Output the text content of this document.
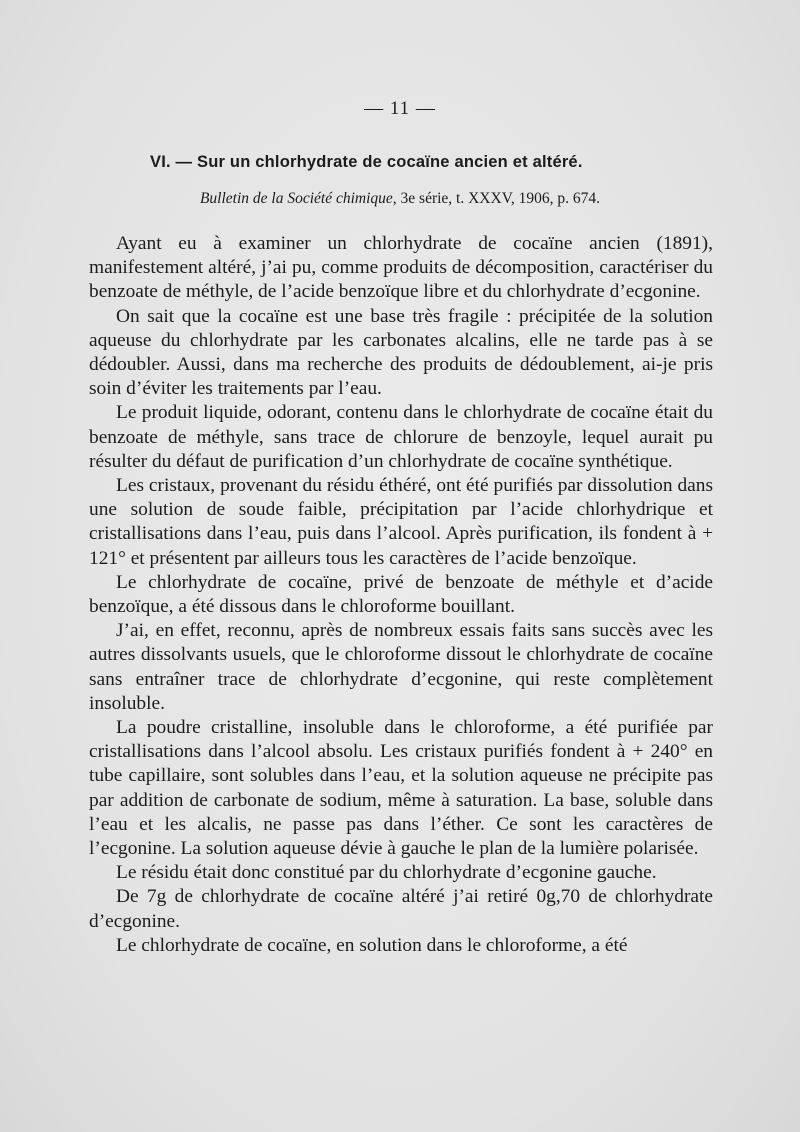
— 11 —
VI. — Sur un chlorhydrate de cocaïne ancien et altéré.
Bulletin de la Société chimique, 3e série, t. XXXV, 1906, p. 674.

Ayant eu à examiner un chlorhydrate de cocaïne ancien (1891), manifestement altéré, j’ai pu, comme produits de décomposition, caractériser du benzoate de méthyle, de l’acide benzoïque libre et du chlorhydrate d’ecgonine.

On sait que la cocaïne est une base très fragile : précipitée de la solution aqueuse du chlorhydrate par les carbonates alcalins, elle ne tarde pas à se dédoubler. Aussi, dans ma recherche des produits de dédoublement, ai-je pris soin d’éviter les traitements par l’eau.

Le produit liquide, odorant, contenu dans le chlorhydrate de cocaïne était du benzoate de méthyle, sans trace de chlorure de benzoyle, lequel aurait pu résulter du défaut de purification d’un chlorhydrate de cocaïne synthétique.

Les cristaux, provenant du résidu éthéré, ont été purifiés par dissolution dans une solution de soude faible, précipitation par l’acide chlorhydrique et cristallisations dans l’eau, puis dans l’alcool. Après purification, ils fondent à + 121° et présentent par ailleurs tous les caractères de l’acide benzoïque.

Le chlorhydrate de cocaïne, privé de benzoate de méthyle et d’acide benzoïque, a été dissous dans le chloroforme bouillant.

J’ai, en effet, reconnu, après de nombreux essais faits sans succès avec les autres dissolvants usuels, que le chloroforme dissout le chlorhydrate de cocaïne sans entraîner trace de chlorhydrate d’ecgonine, qui reste complètement insoluble.

La poudre cristalline, insoluble dans le chloroforme, a été purifiée par cristallisations dans l’alcool absolu. Les cristaux purifiés fondent à + 240° en tube capillaire, sont solubles dans l’eau, et la solution aqueuse ne précipite pas par addition de carbonate de sodium, même à saturation. La base, soluble dans l’eau et les alcalis, ne passe pas dans l’éther. Ce sont les caractères de l’ecgonine. La solution aqueuse dévie à gauche le plan de la lumière polarisée.

Le résidu était donc constitué par du chlorhydrate d’ecgonine gauche.

De 7g de chlorhydrate de cocaïne altéré j’ai retiré 0g,70 de chlorhydrate d’ecgonine.

Le chlorhydrate de cocaïne, en solution dans le chloroforme, a été
